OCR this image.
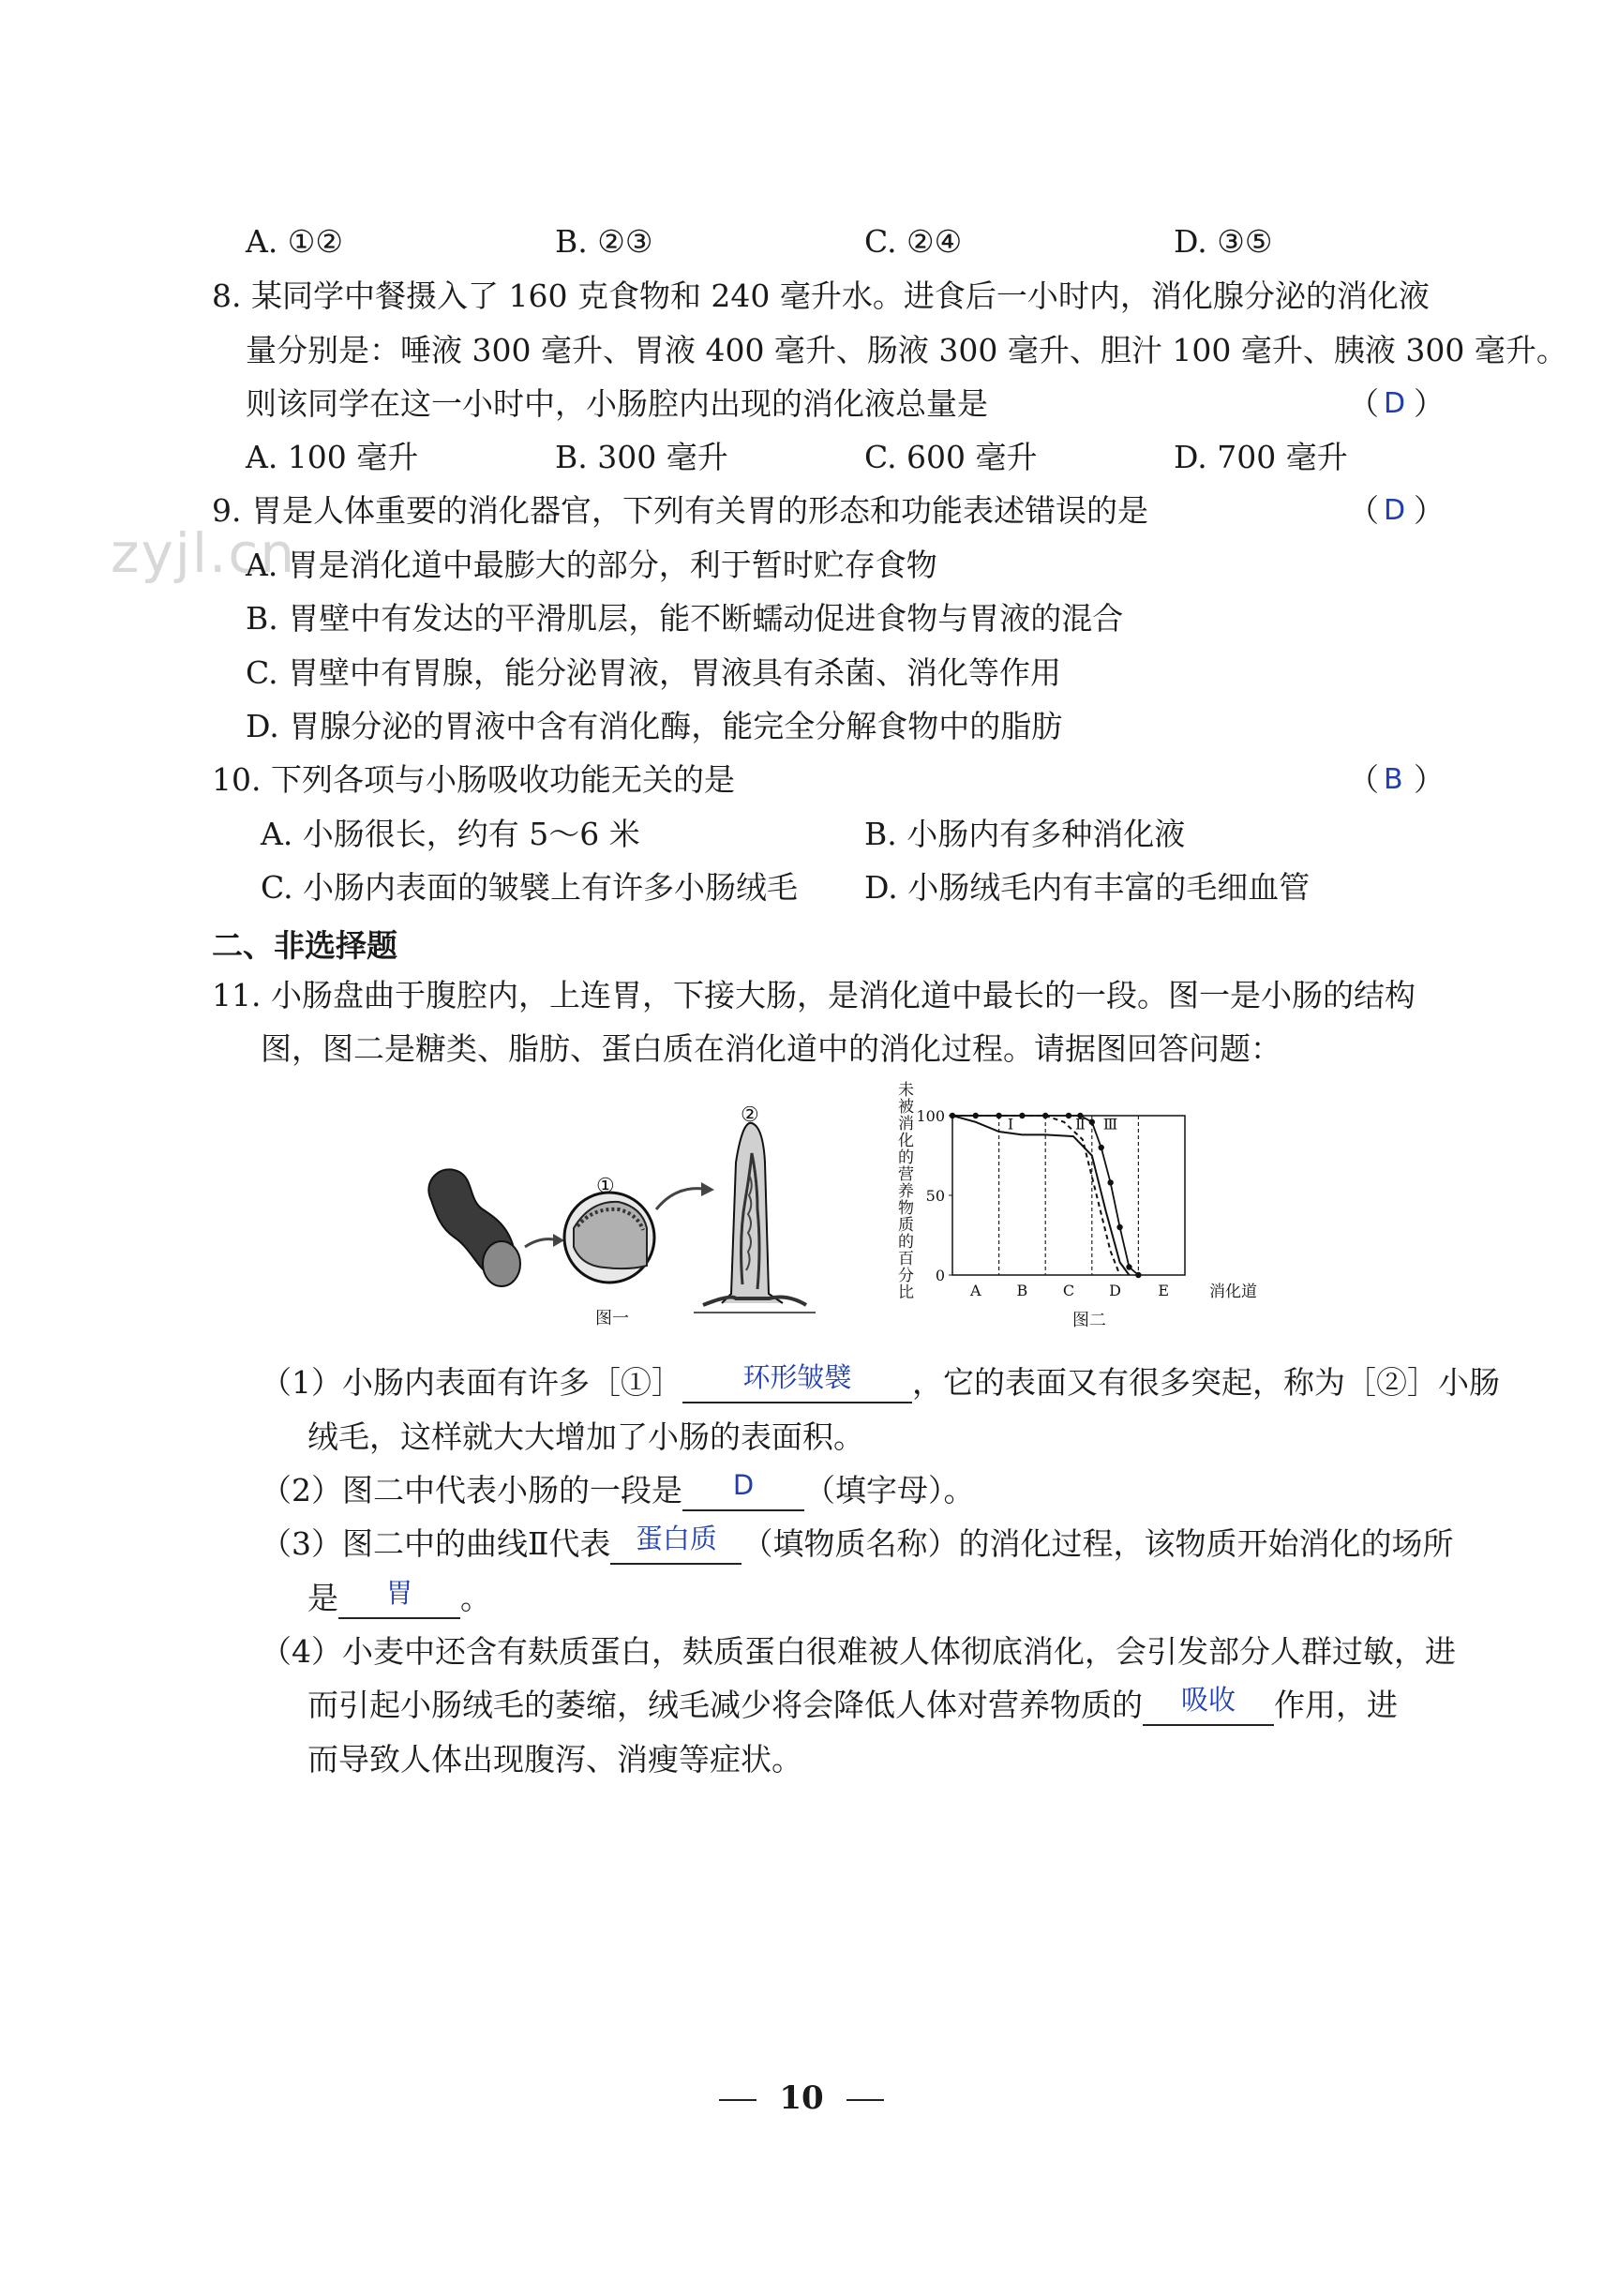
zyjl.cn
A. ①②	B. ②③	C. ②④	D. ③⑤
8. 某同学中餐摄入了 160 克食物和 240 毫升水。进食后一小时内，消化腺分泌的消化液
量分别是：唾液 300 毫升、胃液 400 毫升、肠液 300 毫升、胆汁 100 毫升、胰液 300 毫升。
则该同学在这一小时中，小肠腔内出现的消化液总量是	（ D ）
A. 100 毫升	B. 300 毫升	C. 600 毫升	D. 700 毫升
9. 胃是人体重要的消化器官，下列有关胃的形态和功能表述错误的是	（ D ）
A. 胃是消化道中最膨大的部分，利于暂时贮存食物
B. 胃壁中有发达的平滑肌层，能不断蠕动促进食物与胃液的混合
C. 胃壁中有胃腺，能分泌胃液，胃液具有杀菌、消化等作用
D. 胃腺分泌的胃液中含有消化酶，能完全分解食物中的脂肪
10. 下列各项与小肠吸收功能无关的是	（ B ）
A. 小肠很长，约有 5～6 米	B. 小肠内有多种消化液
C. 小肠内表面的皱襞上有许多小肠绒毛 D. 小肠绒毛内有丰富的毛细血管
二、非选择题
11. 小肠盘曲于腹腔内，上连胃，下接大肠，是消化道中最长的一段。图一是小肠的结构
图，图二是糖类、脂肪、蛋白质在消化道中的消化过程。请据图回答问题：
①
②
图一
未被消化的营养物质的百分比
100
50
0
A B C D E
Ⅰ	Ⅱ Ⅲ
消化道
图二
（1）小肠内表面有许多［①］	环形皱襞	，它的表面又有很多突起，称为［②］小肠
绒毛，这样就大大增加了小肠的表面积。
（2）图二中代表小肠的一段是	D	（填字母）。
（3）图二中的曲线Ⅱ代表 蛋白质 （填物质名称）的消化过程，该物质开始消化的场所
是	胃	。
（4）小麦中还含有麸质蛋白，麸质蛋白很难被人体彻底消化，会引发部分人群过敏，进
而引起小肠绒毛的萎缩，绒毛减少将会降低人体对营养物质的	吸收	作用，进
而导致人体出现腹泻、消瘦等症状。
10
